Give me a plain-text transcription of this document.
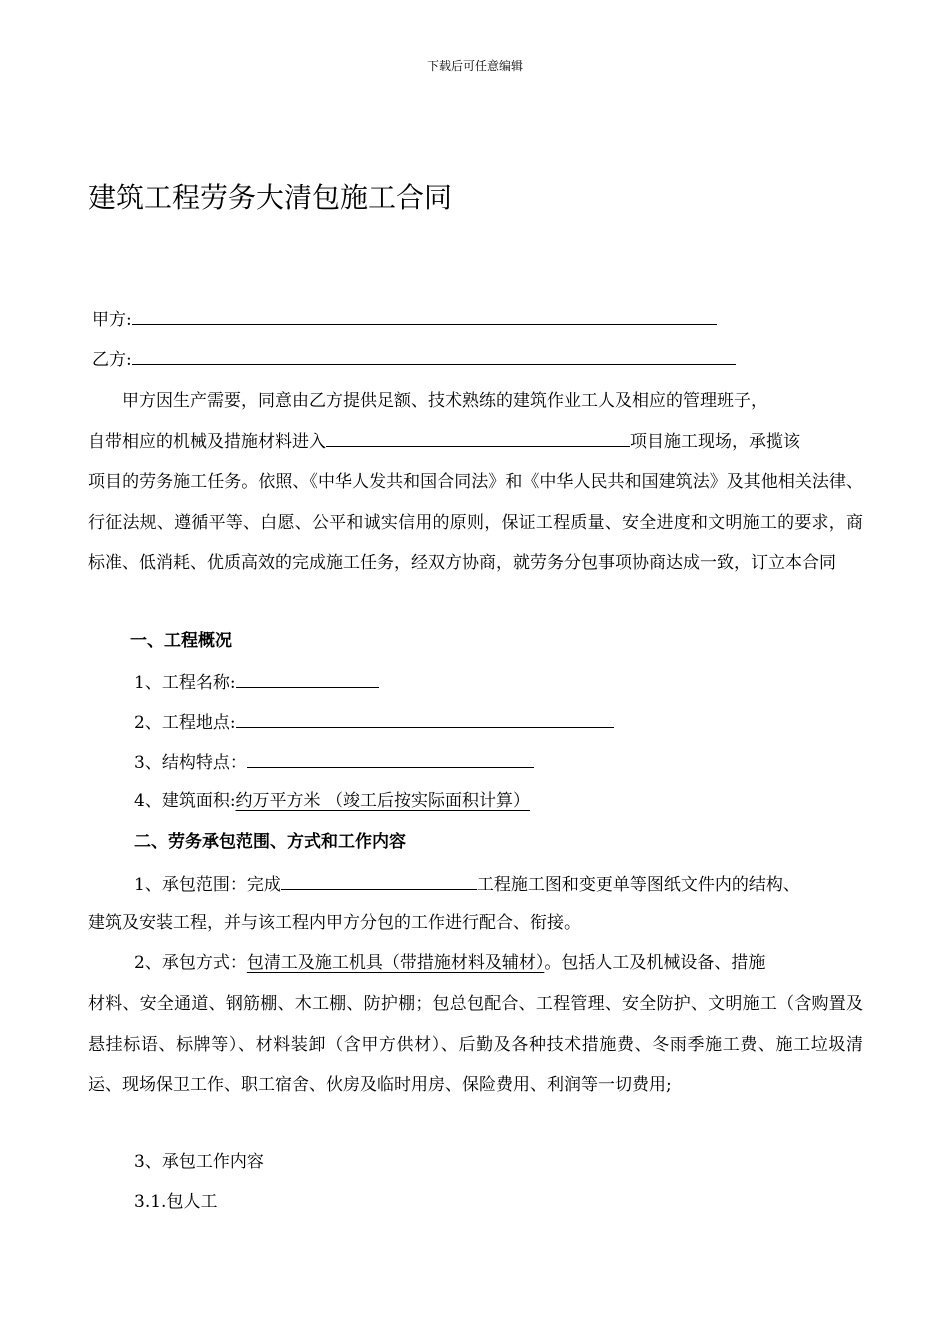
下载后可任意编辑
建筑工程劳务大清包施工合同
甲方:
乙方:

甲方因生产需要，同意由乙方提供足额、技术熟练的建筑作业工人及相应的管理班子，

自带相应的机械及措施材料进入	项目施工现场，承揽该

项目的劳务施工任务。依照、《中华人发共和国合同法》和《中华人民共和国建筑法》及其他相关法律、行征法规、遵循平等、白愿、公平和诚实信用的原则，保证工程质量、安全进度和文明施工的要求，商标准、低消耗、优质高效的完成施工任务，经双方协商，就劳务分包事项协商达成一致，订立本合同

一、工程概况
1、工程名称:
2、工程地点:
3、结构特点：
4、建筑面积:约万平方米 （竣工后按实际面积计算）
二、劳务承包范围、方式和工作内容
1、承包范围：完成	工程施工图和变更单等图纸文件内的结构、
建筑及安装工程，并与该工程内甲方分包的工作进行配合、衔接。
2、承包方式：包清工及施工机具（带措施材料及辅材）。包括人工及机械设备、措施

材料、安全通道、钢筋棚、木工棚、防护棚；包总包配合、工程管理、安全防护、文明施工（含购置及悬挂标语、标牌等）、材料装卸（含甲方供材）、后勤及各种技术措施费、冬雨季施工费、施工垃圾清运、现场保卫工作、职工宿舍、伙房及临时用房、保险费用、利润等一切费用;

3、承包工作内容
3.1.包人工
